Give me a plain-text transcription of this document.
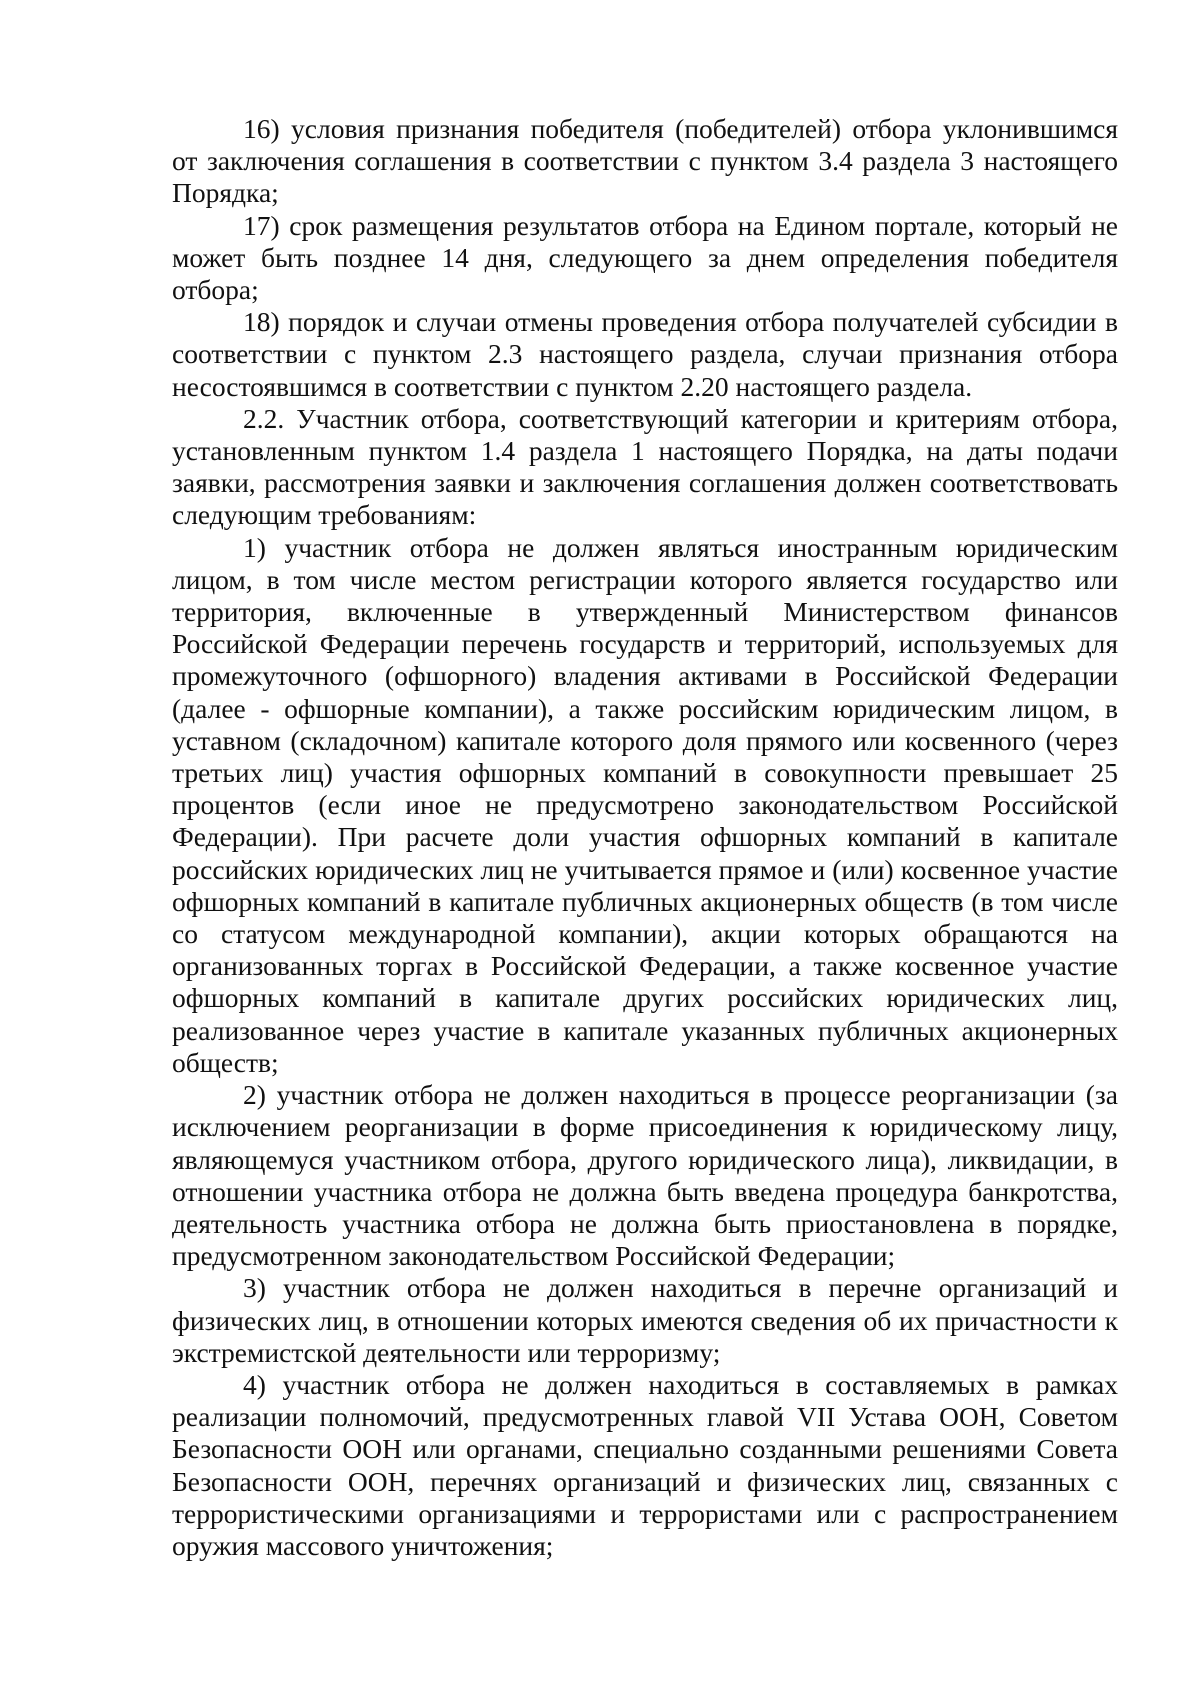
16) условия признания победителя (победителей) отбора уклонившимся от заключения соглашения в соответствии с пунктом 3.4 раздела 3 настоящего Порядка;

17) срок размещения результатов отбора на Едином портале, который не может быть позднее 14 дня, следующего за днем определения победителя отбора;

18) порядок и случаи отмены проведения отбора получателей субсидии в соответствии с пунктом 2.3 настоящего раздела, случаи признания отбора несостоявшимся в соответствии с пунктом 2.20 настоящего раздела.

2.2. Участник отбора, соответствующий категории и критериям отбора, установленным пунктом 1.4 раздела 1 настоящего Порядка, на даты подачи заявки, рассмотрения заявки и заключения соглашения должен соответствовать следующим требованиям:

1) участник отбора не должен являться иностранным юридическим лицом, в том числе местом регистрации которого является государство или территория, включенные в утвержденный Министерством финансов Российской Федерации перечень государств и территорий, используемых для промежуточного (офшорного) владения активами в Российской Федерации (далее - офшорные компании), а также российским юридическим лицом, в уставном (складочном) капитале которого доля прямого или косвенного (через третьих лиц) участия офшорных компаний в совокупности превышает 25 процентов (если иное не предусмотрено законодательством Российской Федерации). При расчете доли участия офшорных компаний в капитале российских юридических лиц не учитывается прямое и (или) косвенное участие офшорных компаний в капитале публичных акционерных обществ (в том числе со статусом международной компании), акции которых обращаются на организованных торгах в Российской Федерации, а также косвенное участие офшорных компаний в капитале других российских юридических лиц, реализованное через участие в капитале указанных публичных акционерных обществ;

2) участник отбора не должен находиться в процессе реорганизации (за исключением реорганизации в форме присоединения к юридическому лицу, являющемуся участником отбора, другого юридического лица), ликвидации, в отношении участника отбора не должна быть введена процедура банкротства, деятельность участника отбора не должна быть приостановлена в порядке, предусмотренном законодательством Российской Федерации;

3) участник отбора не должен находиться в перечне организаций и физических лиц, в отношении которых имеются сведения об их причастности к экстремистской деятельности или терроризму;

4) участник отбора не должен находиться в составляемых в рамках реализации полномочий, предусмотренных главой VII Устава ООН, Советом Безопасности ООН или органами, специально созданными решениями Совета Безопасности ООН, перечнях организаций и физических лиц, связанных с террористическими организациями и террористами или с распространением оружия массового уничтожения;
